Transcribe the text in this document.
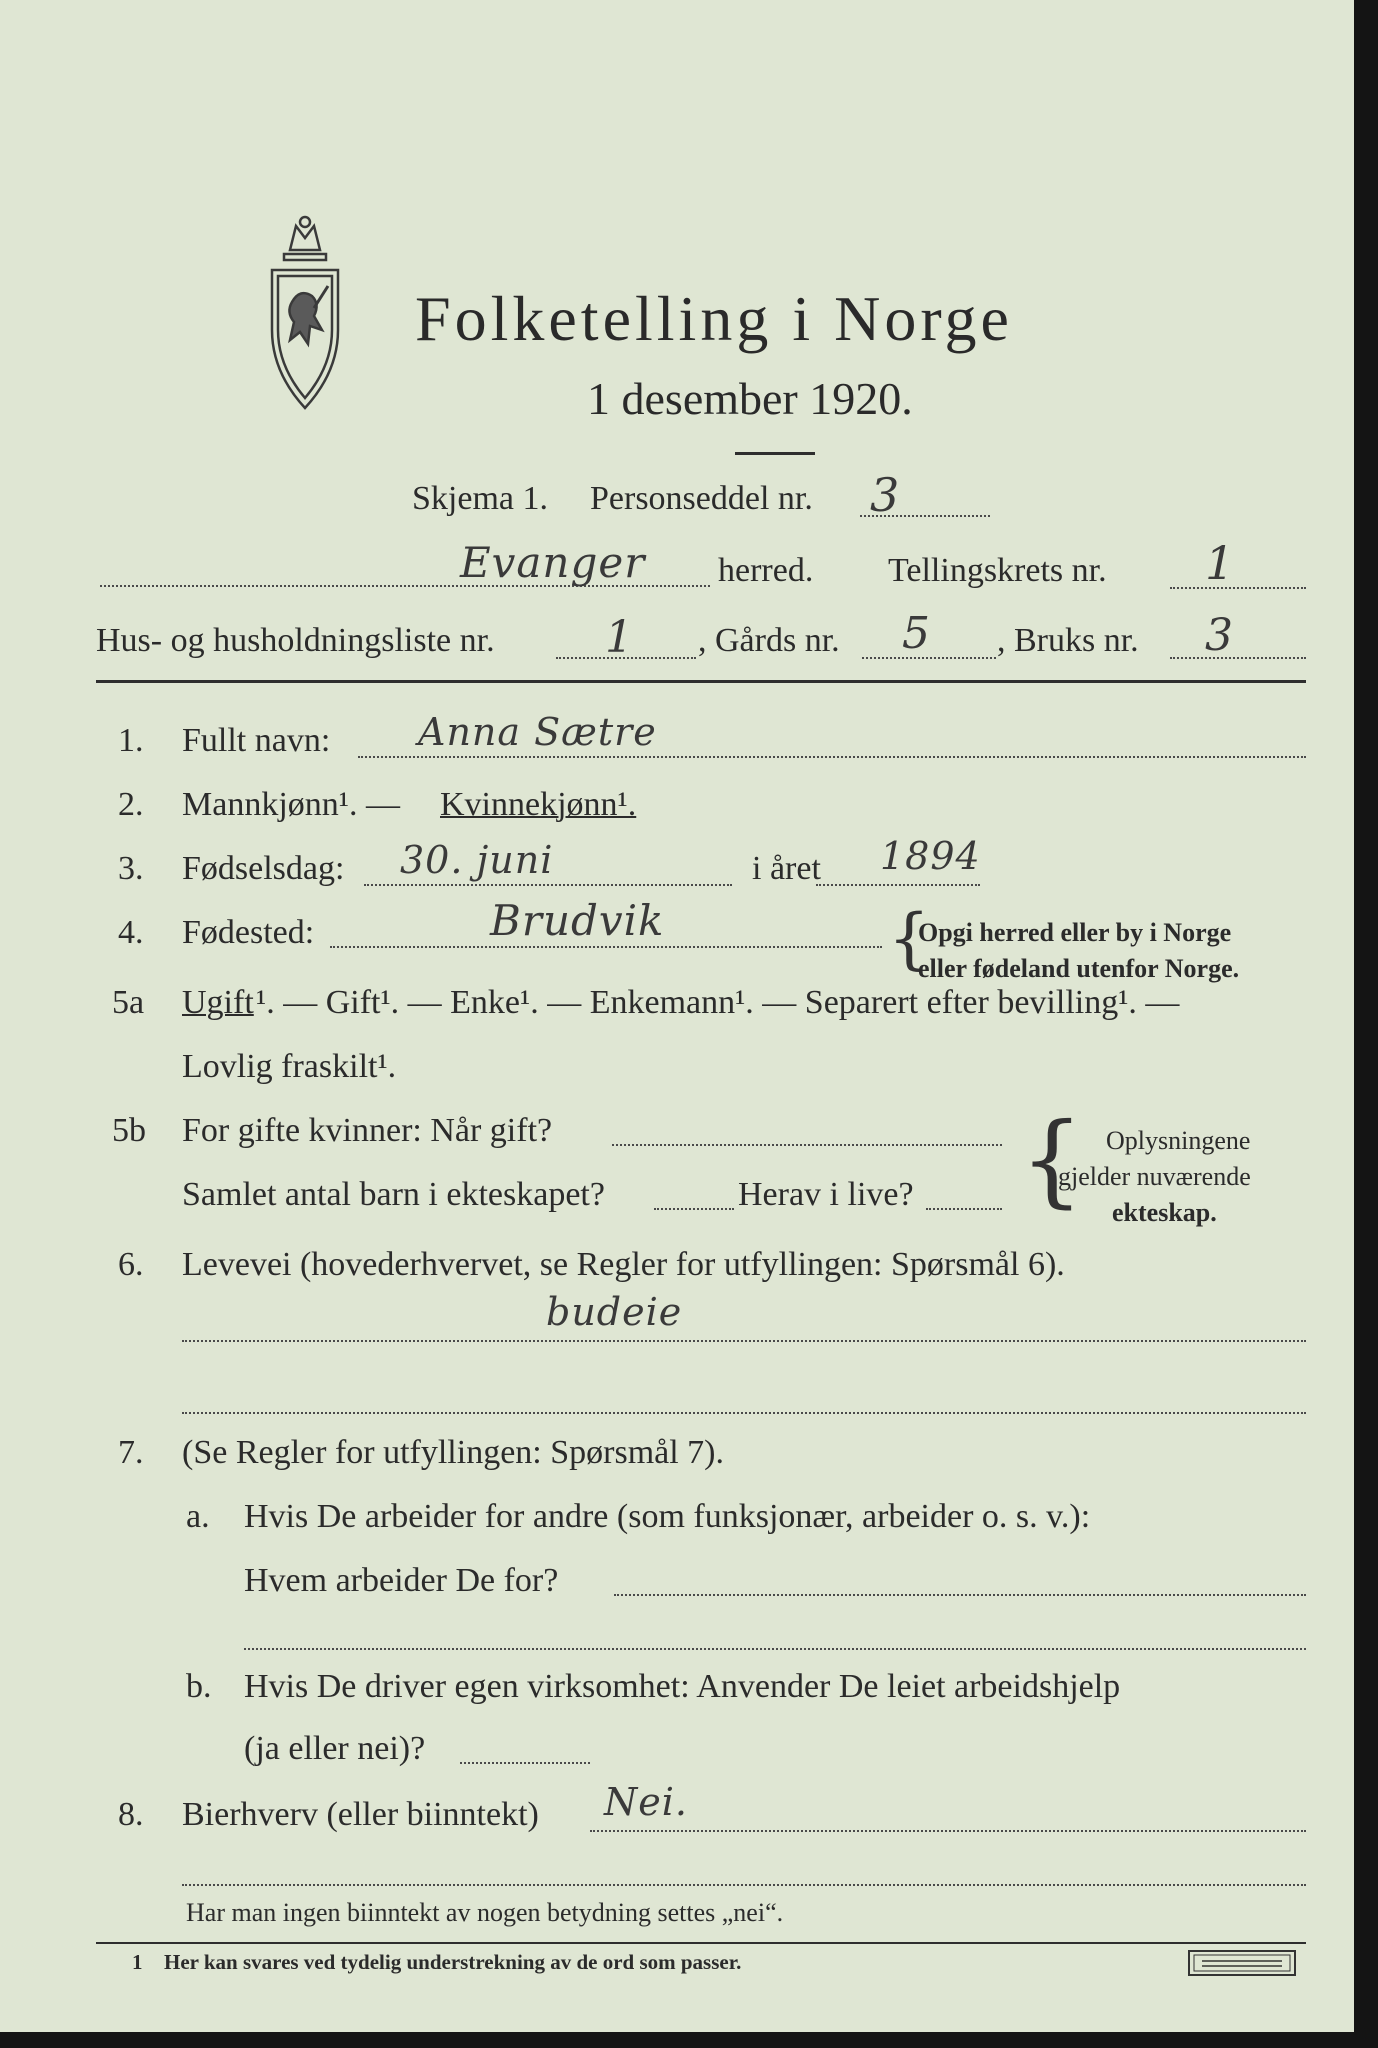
Folketelling i Norge
1 desember 1920.
Skjema 1. Personseddel nr. 3
Evanger herred. Tellingskrets nr. 1
Hus- og husholdningsliste nr.	1 , Gårds nr. 5 , Bruks nr. 3
1. Fullt navn: Anna Sætre
2. Mannkjønn¹. — Kvinnekjønn¹.
3. Fødselsdag: 30. juni	i året 1894
4. Fødested:	Brudvik	{
Opgi herred eller by i Norge
eller fødeland utenfor Norge.
5a Ugift ¹. — Gift¹. — Enke¹. — Enkemann¹. — Separert efter bevilling¹. —
Lovlig fraskilt¹.
5b For gifte kvinner: Når gift?
Samlet antal barn i ekteskapet?	Herav i live? { Oplysningene
gjelder nuværende
ekteskap.
6. Levevei (hovederhvervet, se Regler for utfyllingen: Spørsmål 6).
budeie
7. (Se Regler for utfyllingen: Spørsmål 7).
a. Hvis De arbeider for andre (som funksjonær, arbeider o. s. v.):
Hvem arbeider De for?
b. Hvis De driver egen virksomhet: Anvender De leiet arbeidshjelp
(ja eller nei)?
8. Bierhverv (eller biinntekt) Nei.
Har man ingen biinntekt av nogen betydning settes „nei“.
1 Her kan svares ved tydelig understrekning av de ord som passer.
